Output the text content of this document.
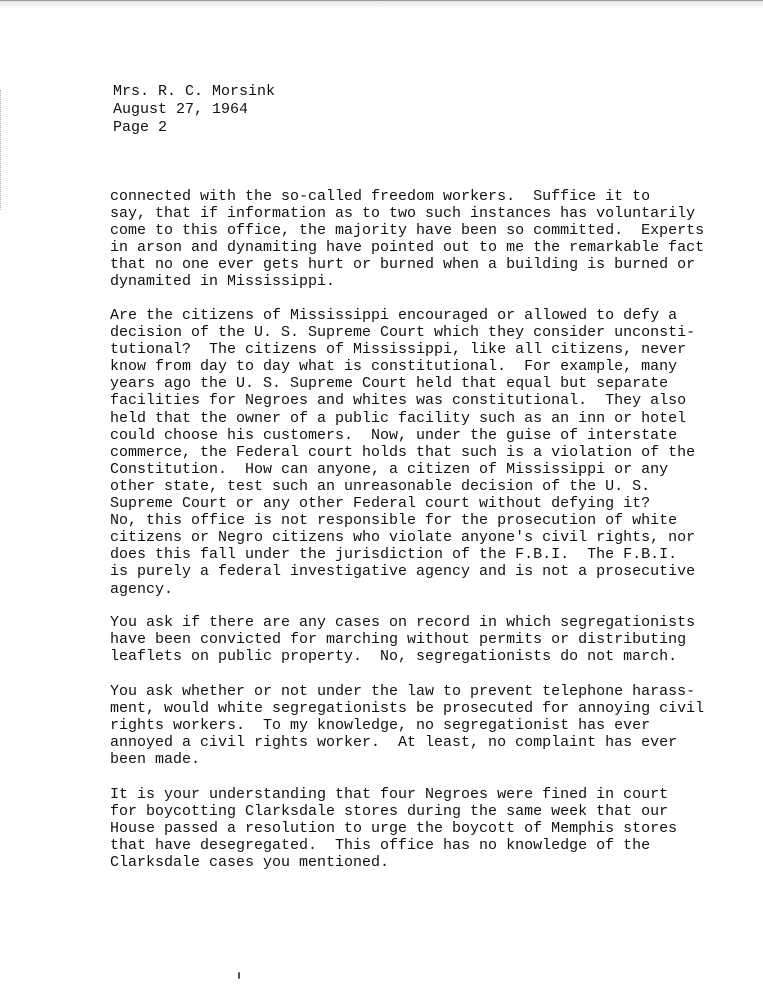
Mrs. R. C. Morsink
August 27, 1964
Page 2

connected with the so-called freedom workers.  Suffice it to
say, that if information as to two such instances has voluntarily
come to this office, the majority have been so committed.  Experts
in arson and dynamiting have pointed out to me the remarkable fact
that no one ever gets hurt or burned when a building is burned or
dynamited in Mississippi.

Are the citizens of Mississippi encouraged or allowed to defy a
decision of the U. S. Supreme Court which they consider unconsti-
tutional?  The citizens of Mississippi, like all citizens, never
know from day to day what is constitutional.  For example, many
years ago the U. S. Supreme Court held that equal but separate
facilities for Negroes and whites was constitutional.  They also
held that the owner of a public facility such as an inn or hotel
could choose his customers.  Now, under the guise of interstate
commerce, the Federal court holds that such is a violation of the
Constitution.  How can anyone, a citizen of Mississippi or any
other state, test such an unreasonable decision of the U. S.
Supreme Court or any other Federal court without defying it?
No, this office is not responsible for the prosecution of white
citizens or Negro citizens who violate anyone's civil rights, nor
does this fall under the jurisdiction of the F.B.I.  The F.B.I.
is purely a federal investigative agency and is not a prosecutive
agency.

You ask if there are any cases on record in which segregationists
have been convicted for marching without permits or distributing
leaflets on public property.  No, segregationists do not march.

You ask whether or not under the law to prevent telephone harass-
ment, would white segregationists be prosecuted for annoying civil
rights workers.  To my knowledge, no segregationist has ever
annoyed a civil rights worker.  At least, no complaint has ever
been made.

It is your understanding that four Negroes were fined in court
for boycotting Clarksdale stores during the same week that our
House passed a resolution to urge the boycott of Memphis stores
that have desegregated.  This office has no knowledge of the
Clarksdale cases you mentioned.
